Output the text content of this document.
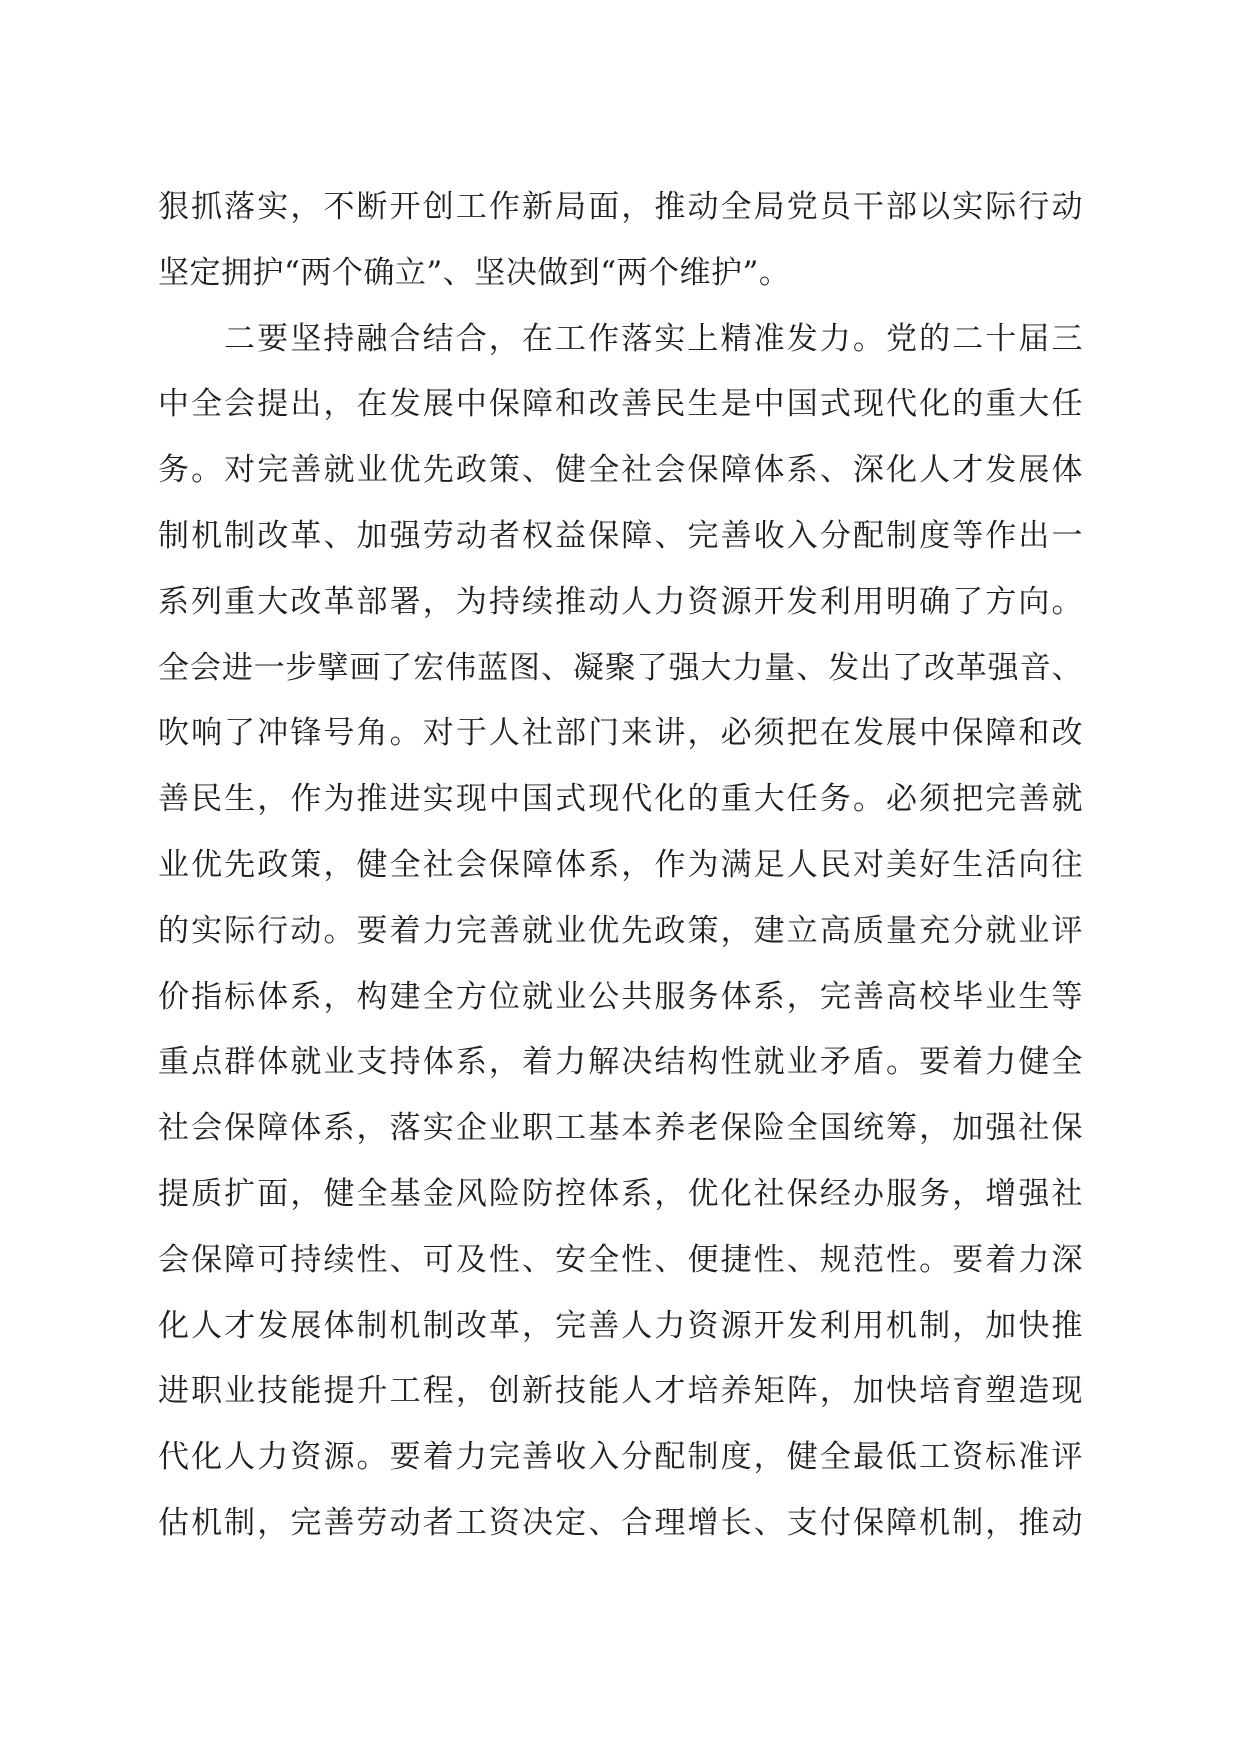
狠抓落实，不断开创工作新局面，推动全局党员干部以实际行动
坚定拥护“两个确立”、坚决做到“两个维护”。
二要坚持融合结合，在工作落实上精准发力。党的二十届三
中全会提出，在发展中保障和改善民生是中国式现代化的重大任
务。对完善就业优先政策、健全社会保障体系、深化人才发展体
制机制改革、加强劳动者权益保障、完善收入分配制度等作出一
系列重大改革部署，为持续推动人力资源开发利用明确了方向。
全会进一步擘画了宏伟蓝图、凝聚了强大力量、发出了改革强音、
吹响了冲锋号角。对于人社部门来讲，必须把在发展中保障和改
善民生，作为推进实现中国式现代化的重大任务。必须把完善就
业优先政策，健全社会保障体系，作为满足人民对美好生活向往
的实际行动。要着力完善就业优先政策，建立高质量充分就业评
价指标体系，构建全方位就业公共服务体系，完善高校毕业生等
重点群体就业支持体系，着力解决结构性就业矛盾。要着力健全
社会保障体系，落实企业职工基本养老保险全国统筹，加强社保
提质扩面，健全基金风险防控体系，优化社保经办服务，增强社
会保障可持续性、可及性、安全性、便捷性、规范性。要着力深
化人才发展体制机制改革，完善人力资源开发利用机制，加快推
进职业技能提升工程，创新技能人才培养矩阵，加快培育塑造现
代化人力资源。要着力完善收入分配制度，健全最低工资标准评
估机制，完善劳动者工资决定、合理增长、支付保障机制，推动
